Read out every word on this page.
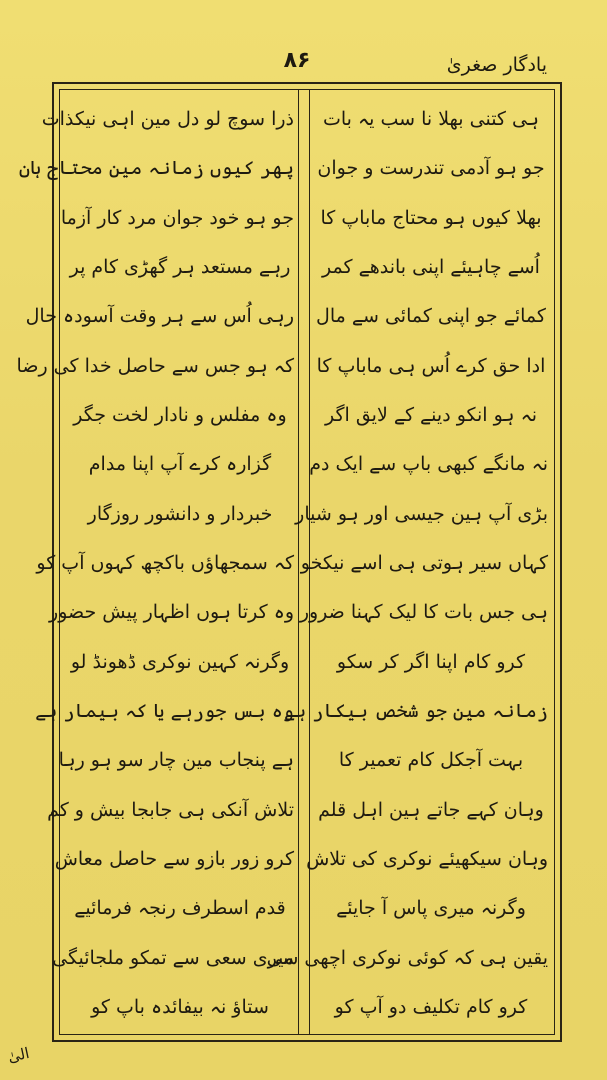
۸۶	یادگار صغریٰ
ہی کتنی بھلا نا سب یہ بات
جو ہو آدمی تندرست و جوان
بھلا کیوں ہو محتاج ماباپ کا
اُسے چاہیئے اپنی باندھے کمر
کمائے جو اپنی کمائی سے مال
ادا حق کرے اُس ہی ماباپ کا
نہ ہو انکو دینے کے لایق اگر
نہ مانگے کبھی باپ سے ایک دم
بڑی آپ ہین جیسی اور ہو شیار
کہاں سیر ہوتی ہی اسے نیکخو
ہی جس بات کا لیک کہنا ضرور
کرو کام اپنا اگر کر سکو
زمانہ مین جو شخص بیکار ہے
بہت آجکل کام تعمیر کا
وہان کہے جاتے ہین اہل قلم
وہان سیکھیئے نوکری کی تلاش
وگرنہ میری پاس آ جایئے
یقین ہی کہ کوئی نوکری اچھی سی
کرو کام تکلیف دو آپ کو
ذرا سوچ لو دل مین اہی نیکذات
پھر کیوں زمانہ مین محتاج ہان
جو ہو خود جوان مرد کار آزما
رہے مستعد ہر گھڑی کام پر
رہی اُس سے ہر وقت آسودہ حال
کہ ہو جس سے حاصل خدا کی رضا
وہ مفلس و نادار لخت جگر
گزارہ کرے آپ اپنا مدام
خبردار و دانشور روزگار
کہ سمجھاؤں باکچھ کہوں آپ کو
وہ کرتا ہوں اظہار پیش حضور
وگرنہ کہین نوکری ڈھونڈ لو
وہ بس جورہے یا کہ بیمار ہے
ہے پنجاب مین چار سو ہو رہا
تلاش آنکی ہی جابجا بیش و کم
کرو زور بازو سے حاصل معاش
قدم اسطرف رنجہ فرمائیے
میری سعی سے تمکو ملجائیگی
ستاؤ نہ بیفائدہ باپ کو
الیٰ
